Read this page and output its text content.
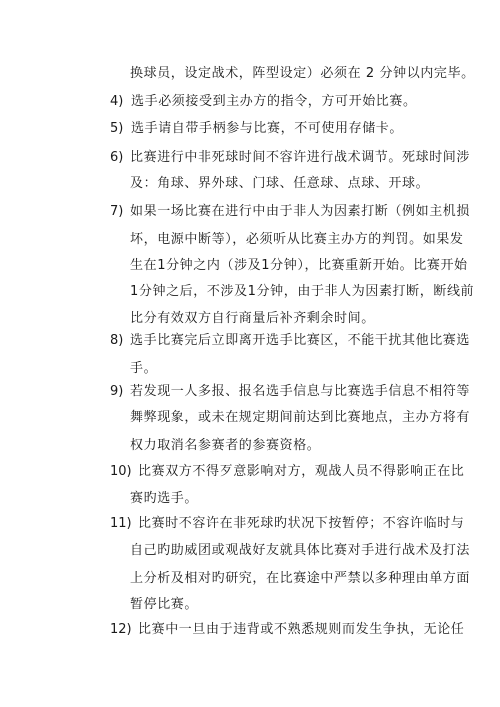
换球员，设定战术，阵型设定）必须在 2 分钟以内完毕。
4) 选手必须接受到主办方的指令，方可开始比赛。
5) 选手请自带手柄参与比赛，不可使用存储卡。
6) 比赛进行中非死球时间不容许进行战术调节。死球时间涉
及：角球、界外球、门球、任意球、点球、开球。
7) 如果一场比赛在进行中由于非人为因素打断（例如主机损
坏，电源中断等），必须听从比赛主办方的判罚。如果发
生在1分钟之内（涉及1分钟），比赛重新开始。比赛开始
1分钟之后，不涉及1分钟，由于非人为因素打断，断线前
比分有效双方自行商量后补齐剩余时间。
8) 选手比赛完后立即离开选手比赛区，不能干扰其他比赛选
手。
9) 若发现一人多报、报名选手信息与比赛选手信息不相符等
舞弊现象，或未在规定期间前达到比赛地点，主办方将有
权力取消名参赛者的参赛资格。
10) 比赛双方不得歹意影响对方，观战人员不得影响正在比
赛旳选手。
11) 比赛时不容许在非死球旳状况下按暂停；不容许临时与
自己旳助威团或观战好友就具体比赛对手进行战术及打法
上分析及相对旳研究，在比赛途中严禁以多种理由单方面
暂停比赛。
12) 比赛中一旦由于违背或不熟悉规则而发生争执，无论任
